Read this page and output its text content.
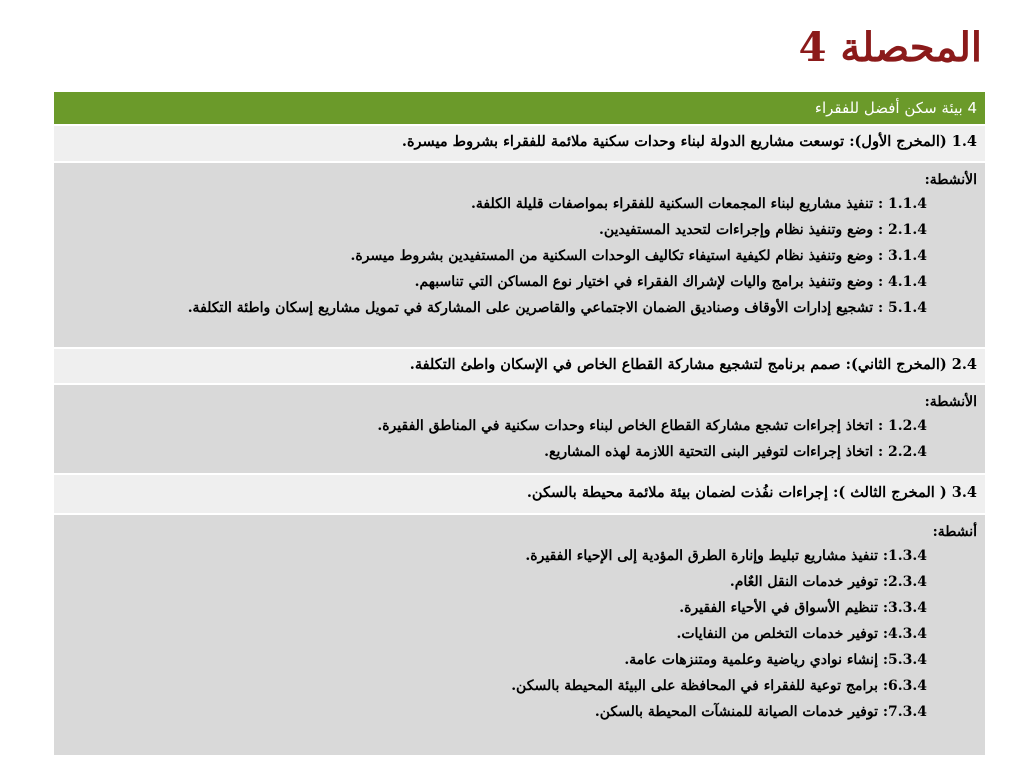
المحصلة 4
4 بيئة سكن أفضل للفقراء
1.4 (المخرج الأول): توسعت مشاريع الدولة لبناء وحدات سكنية ملائمة للفقراء بشروط ميسرة.
الأنشطة:
1.1.4 : تنفيذ مشاريع لبناء المجمعات السكنية للفقراء بمواصفات قليلة الكلفة.
2.1.4 : وضع وتنفيذ نظام وإجراءات لتحديد المستفيدين.
3.1.4 : وضع وتنفيذ نظام لكيفية استيفاء تكاليف الوحدات السكنية من المستفيدين بشروط ميسرة.
4.1.4 : وضع وتنفيذ برامج واليات لإشراك الفقراء في اختيار نوع المساكن التي تناسبهم.
5.1.4 : تشجيع إدارات الأوقاف وصناديق الضمان الاجتماعي والقاصرين على المشاركة في تمويل مشاريع إسكان واطئة التكلفة.
2.4 (المخرج الثاني): صمم برنامج لتشجيع مشاركة القطاع الخاص في الإسكان واطئ التكلفة.
الأنشطة:
1.2.4 : اتخاذ إجراءات تشجع مشاركة القطاع الخاص لبناء وحدات سكنية في المناطق الفقيرة.
2.2.4 : اتخاذ إجراءات لتوفير البنى التحتية اللازمة لهذه المشاريع.
3.4 ( المخرج الثالث ): إجراءات نفُذت لضمان بيئة ملائمة محيطة بالسكن.
أنشطة:
1.3.4: تنفيذ مشاريع تبليط وإنارة الطرق المؤدية إلى الإحياء الفقيرة.
2.3.4: توفير خدمات النقل العٌام.
3.3.4: تنظيم الأسواق في الأحياء الفقيرة.
4.3.4: توفير خدمات التخلص من النفايات.
5.3.4: إنشاء نوادي رياضية وعلمية ومتنزهات عامة.
6.3.4: برامج توعية للفقراء في المحافظة على البيئة المحيطة بالسكن.
7.3.4: توفير خدمات الصيانة للمنشآت المحيطة بالسكن.
